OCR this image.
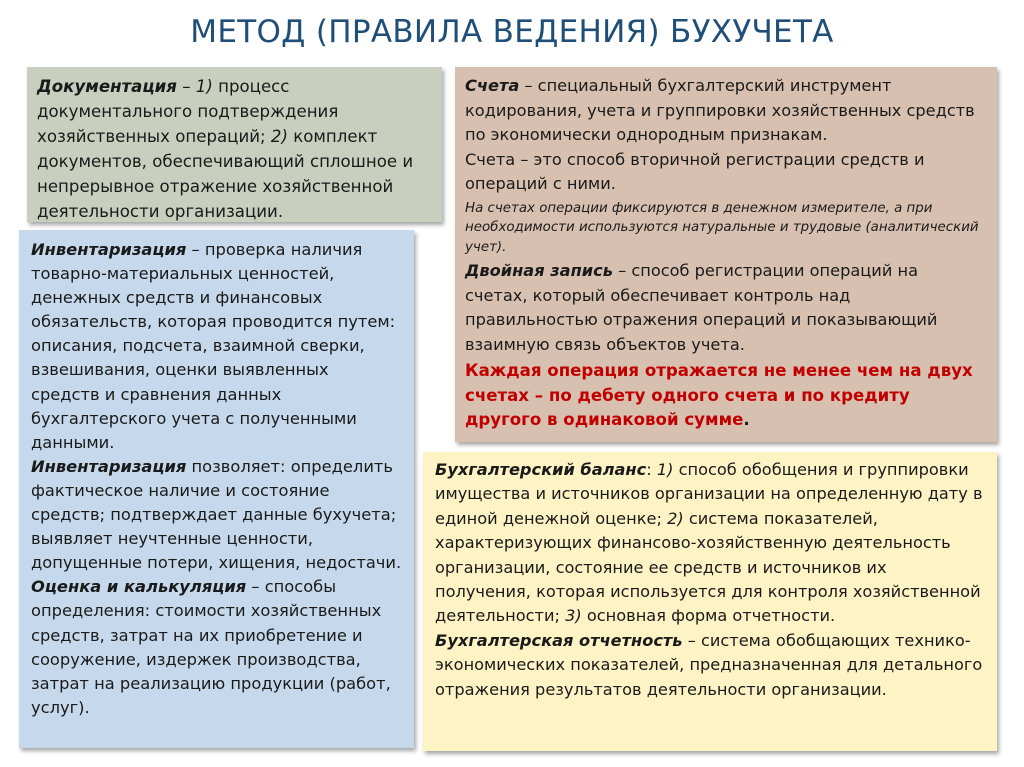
МЕТОД (ПРАВИЛА ВЕДЕНИЯ) БУХУЧЕТА

Документация – 1) процесс документального подтверждения хозяйственных операций; 2) комплект документов, обеспечивающий сплошное и непрерывное отражение хозяйственной деятельности организации.

Инвентаризация – проверка наличия товарно-материальных ценностей, денежных средств и финансовых обязательств, которая проводится путем: описания, подсчета, взаимной сверки, взвешивания, оценки выявленных средств и сравнения данных бухгалтерского учета с полученными данными.

Инвентаризация позволяет: определить фактическое наличие и состояние средств; подтверждает данные бухучета; выявляет неучтенные ценности, допущенные потери, хищения, недостачи.

Оценка и калькуляция – способы определения: стоимости хозяйственных средств, затрат на их приобретение и сооружение, издержек производства, затрат на реализацию продукции (работ, услуг).

Счета – специальный бухгалтерский инструмент кодирования, учета и группировки хозяйственных средств по экономически однородным признакам.

Счета – это способ вторичной регистрации средств и операций с ними.

На счетах операции фиксируются в денежном измерителе, а при необходимости используются натуральные и трудовые (аналитический учет).

Двойная запись – способ регистрации операций на счетах, который обеспечивает контроль над правильностью отражения операций и показывающий взаимную связь объектов учета.

Каждая операция отражается не менее чем на двух счетах – по дебету одного счета и по кредиту другого в одинаковой сумме.

Бухгалтерский баланс: 1) способ обобщения и группировки имущества и источников организации на определенную дату в единой денежной оценке; 2) система показателей, характеризующих финансово-хозяйственную деятельность организации, состояние ее средств и источников их получения, которая используется для контроля хозяйственной деятельности; 3) основная форма отчетности.

Бухгалтерская отчетность – система обобщающих технико-экономических показателей, предназначенная для детального отражения результатов деятельности организации.
